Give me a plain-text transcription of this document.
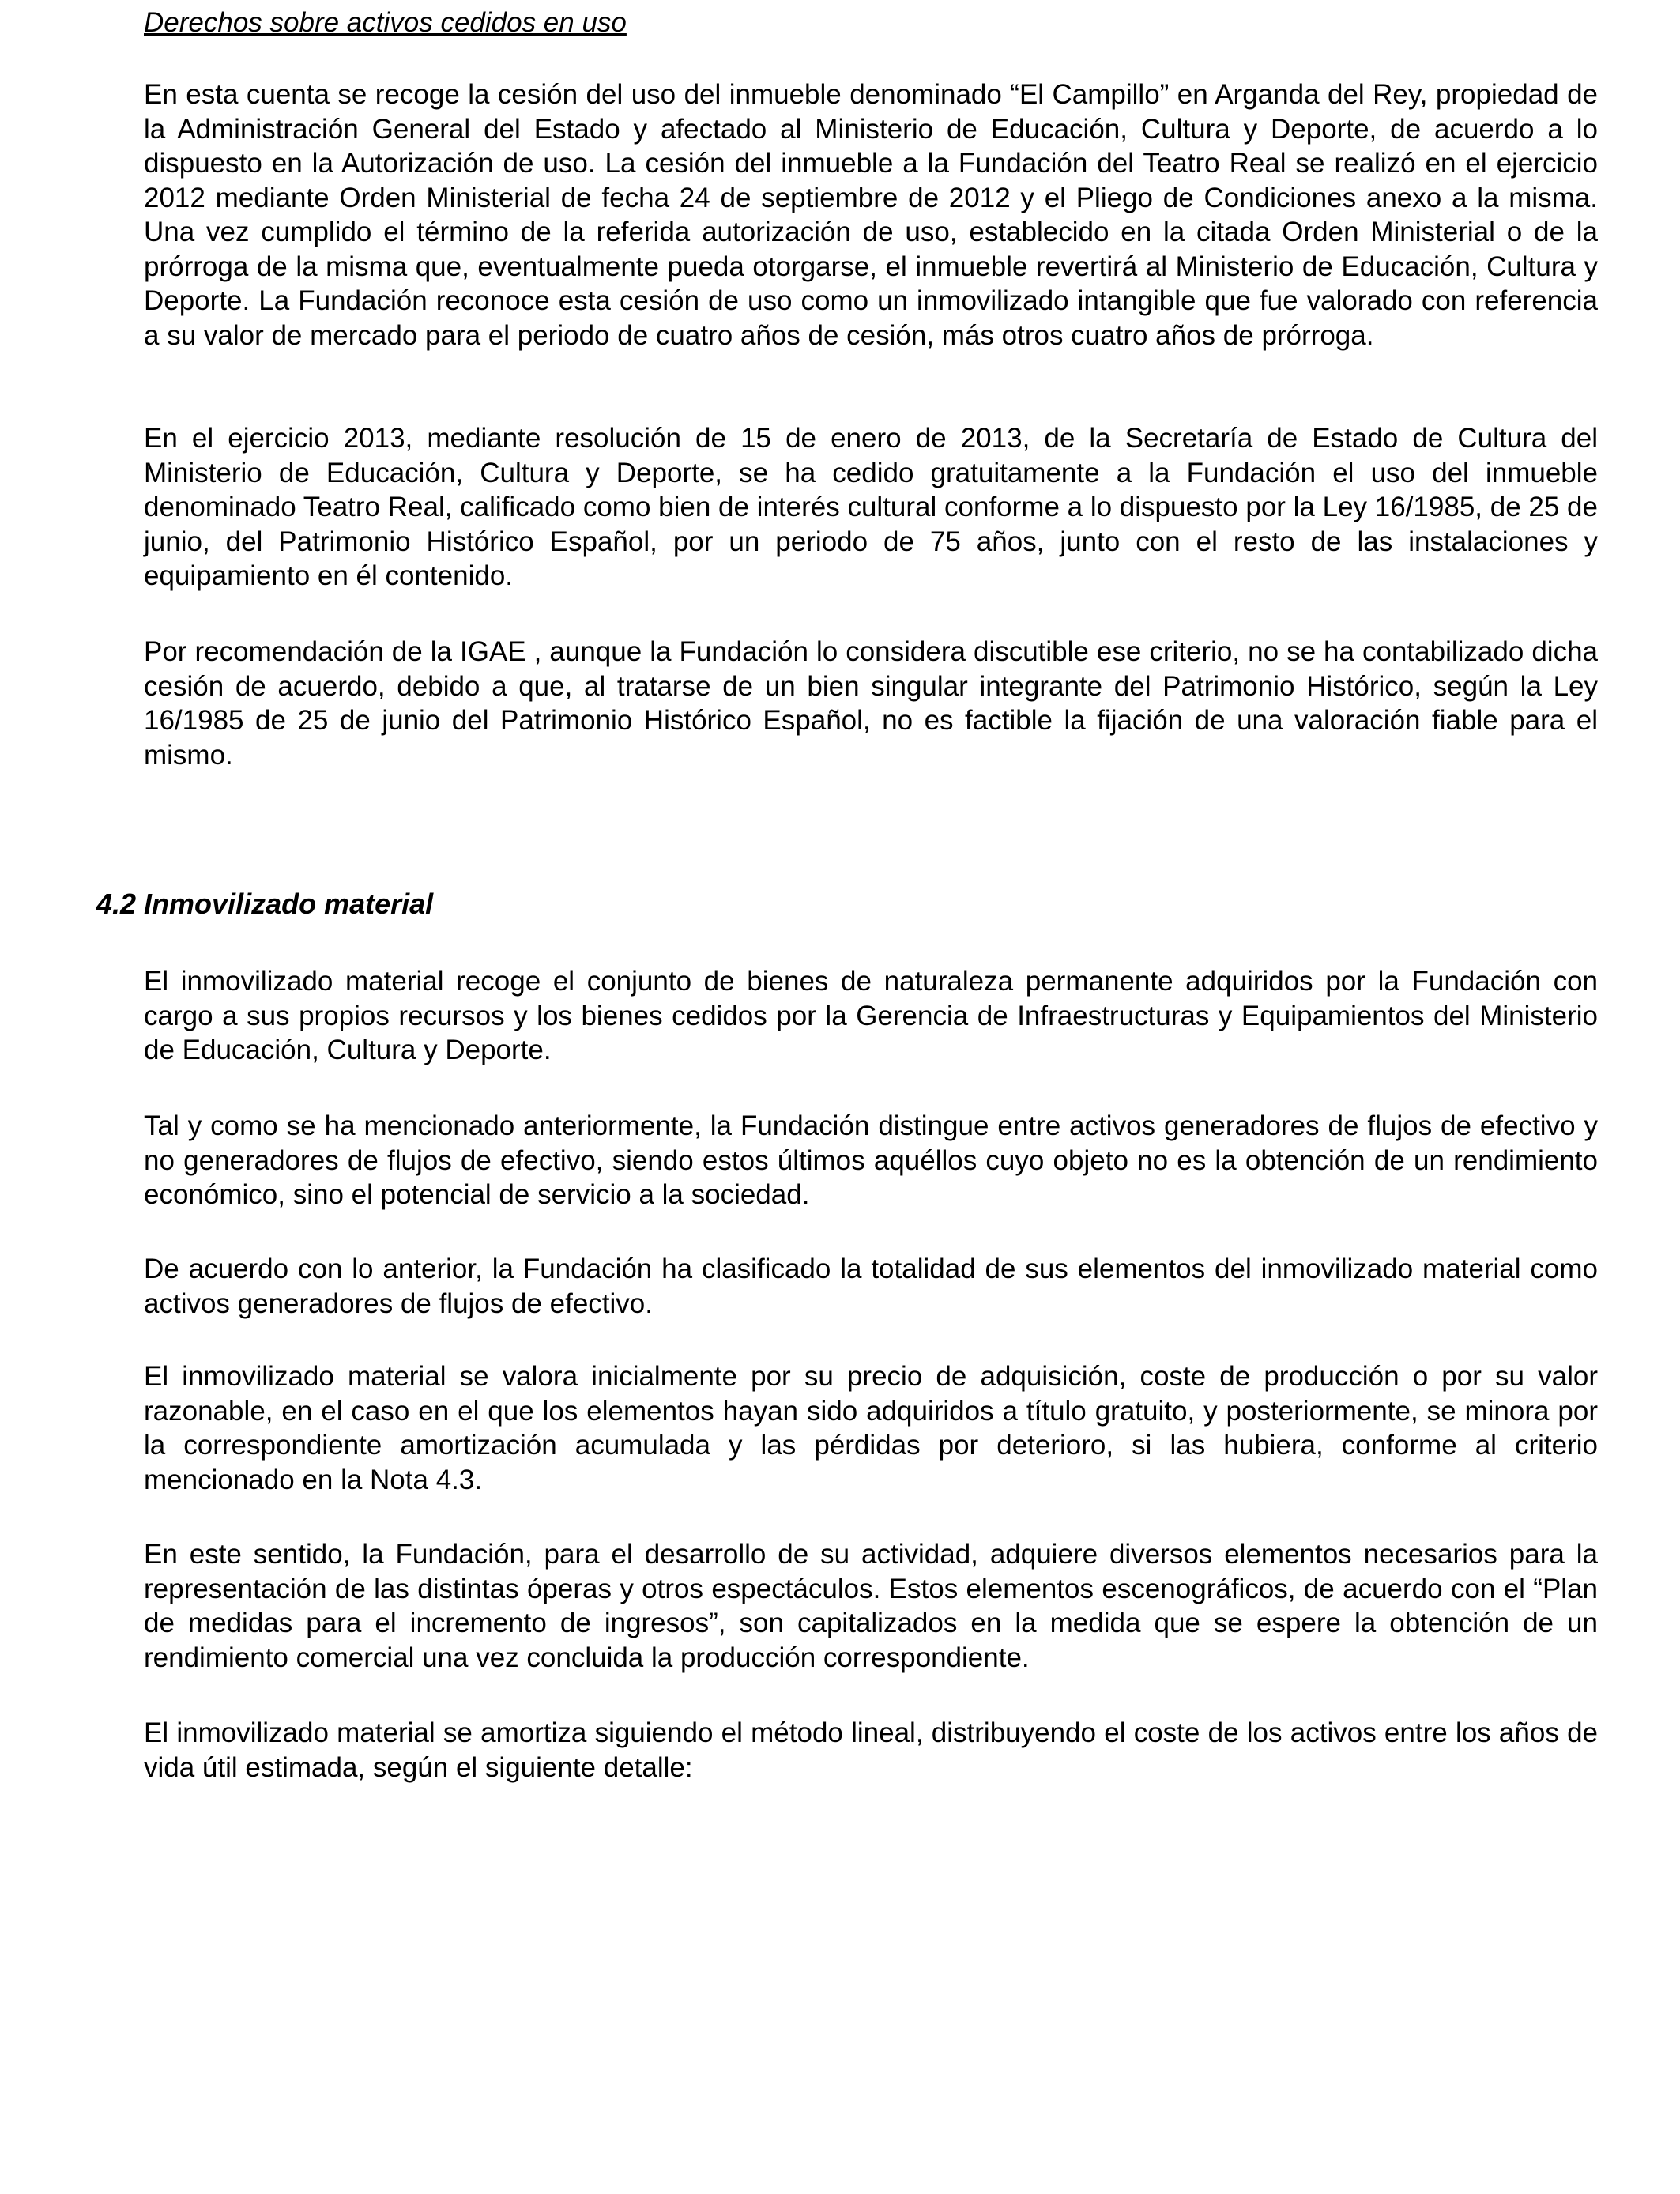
Derechos sobre activos cedidos en uso

En esta cuenta se recoge la cesión del uso del inmueble denominado “El Campillo” en Arganda del Rey, propiedad de la Administración General del Estado y afectado al Ministerio de Educación, Cultura y Deporte, de acuerdo a lo dispuesto en la Autorización de uso. La cesión del inmueble a la Fundación del Teatro Real se realizó en el ejercicio 2012 mediante Orden Ministerial de fecha 24 de septiembre de 2012 y el Pliego de Condiciones anexo a la misma. Una vez cumplido el término de la referida autorización de uso, establecido en la citada Orden Ministerial o de la prórroga de la misma que, eventualmente pueda otorgarse, el inmueble revertirá al Ministerio de Educación, Cultura y Deporte. La Fundación reconoce esta cesión de uso como un inmovilizado intangible que fue valorado con referencia a su valor de mercado para el periodo de cuatro años de cesión, más otros cuatro años de prórroga.

En el ejercicio 2013, mediante resolución de 15 de enero de 2013, de la Secretaría de Estado de Cultura del Ministerio de Educación, Cultura y Deporte, se ha cedido gratuitamente a la Fundación el uso del inmueble denominado Teatro Real, calificado como bien de interés cultural conforme a lo dispuesto por la Ley 16/1985, de 25 de junio, del Patrimonio Histórico Español, por un periodo de 75 años, junto con el resto de las instalaciones y equipamiento en él contenido.

Por recomendación de la IGAE , aunque la Fundación lo considera discutible ese criterio, no se ha contabilizado dicha cesión de acuerdo, debido a que, al tratarse de un bien singular integrante del Patrimonio Histórico, según la Ley 16/1985 de 25 de junio del Patrimonio Histórico Español, no es factible la fijación de una valoración fiable para el mismo.

4.2 Inmovilizado material

El inmovilizado material recoge el conjunto de bienes de naturaleza permanente adquiridos por la Fundación con cargo a sus propios recursos y los bienes cedidos por la Gerencia de Infraestructuras y Equipamientos del Ministerio de Educación, Cultura y Deporte.

Tal y como se ha mencionado anteriormente, la Fundación distingue entre activos generadores de flujos de efectivo y no generadores de flujos de efectivo, siendo estos últimos aquéllos cuyo objeto no es la obtención de un rendimiento económico, sino el potencial de servicio a la sociedad.

De acuerdo con lo anterior, la Fundación ha clasificado la totalidad de sus elementos del inmovilizado material como activos generadores de flujos de efectivo.

El inmovilizado material se valora inicialmente por su precio de adquisición, coste de producción o por su valor razonable, en el caso en el que los elementos hayan sido adquiridos a título gratuito, y posteriormente, se minora por la correspondiente amortización acumulada y las pérdidas por deterioro, si las hubiera, conforme al criterio mencionado en la Nota 4.3.

En este sentido, la Fundación, para el desarrollo de su actividad, adquiere diversos elementos necesarios para la representación de las distintas óperas y otros espectáculos. Estos elementos escenográficos, de acuerdo con el “Plan de medidas para el incremento de ingresos”, son capitalizados en la medida que se espere la obtención de un rendimiento comercial una vez concluida la producción correspondiente.

El inmovilizado material se amortiza siguiendo el método lineal, distribuyendo el coste de los activos entre los años de vida útil estimada, según el siguiente detalle:
